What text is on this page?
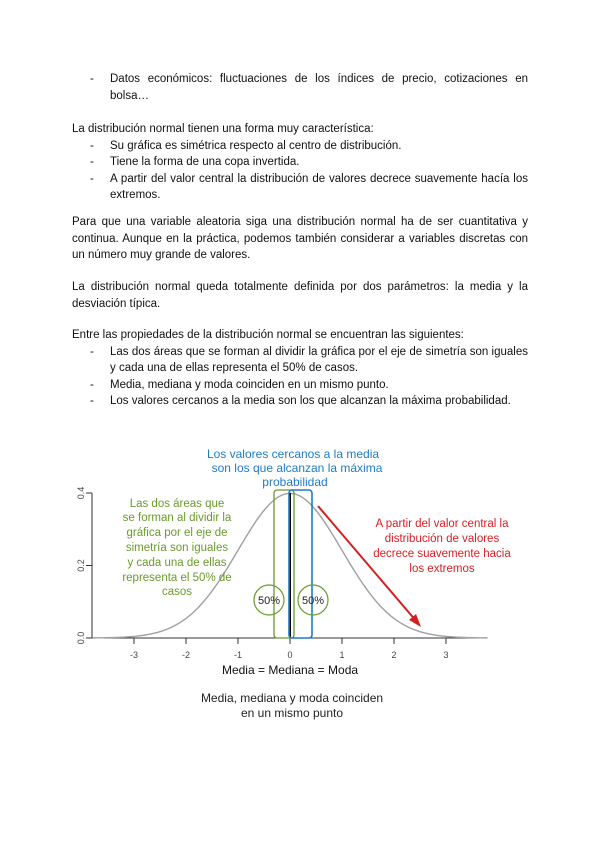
- Datos económicos: fluctuaciones de los índices de precio, cotizaciones en bolsa…

La distribución normal tienen una forma muy característica:

- Su gráfica es simétrica respecto al centro de distribución.
- Tiene la forma de una copa invertida.
- A partir del valor central la distribución de valores decrece suavemente hacía los extremos.

Para que una variable aleatoria siga una distribución normal ha de ser cuantitativa y continua. Aunque en la práctica, podemos también considerar a variables discretas con un número muy grande de valores.

La distribución normal queda totalmente definida por dos parámetros: la media y la desviación típica.

Entre las propiedades de la distribución normal se encuentran las siguientes:

- Las dos áreas que se forman al dividir la gráfica por el eje de simetría son iguales y cada una de ellas representa el 50% de casos.
- Media, mediana y moda coinciden en un mismo punto.
- Los valores cercanos a la media son los que alcanzan la máxima probabilidad.
0.4
0.2
0.0
-3	-2	-1	0	1	2	3
50% 50%
Los valores cercanos a la media
son los que alcanzan la máxima
probabilidad
Las dos áreas que
se forman al dividir la
gráfica por el eje de
simetría son iguales
y cada una de ellas
representa el 50% de
casos
A partir del valor central la
distribución de valores
decrece suavemente hacia
los extremos
Media = Mediana = Moda
Media, mediana y moda coinciden
en un mismo punto
